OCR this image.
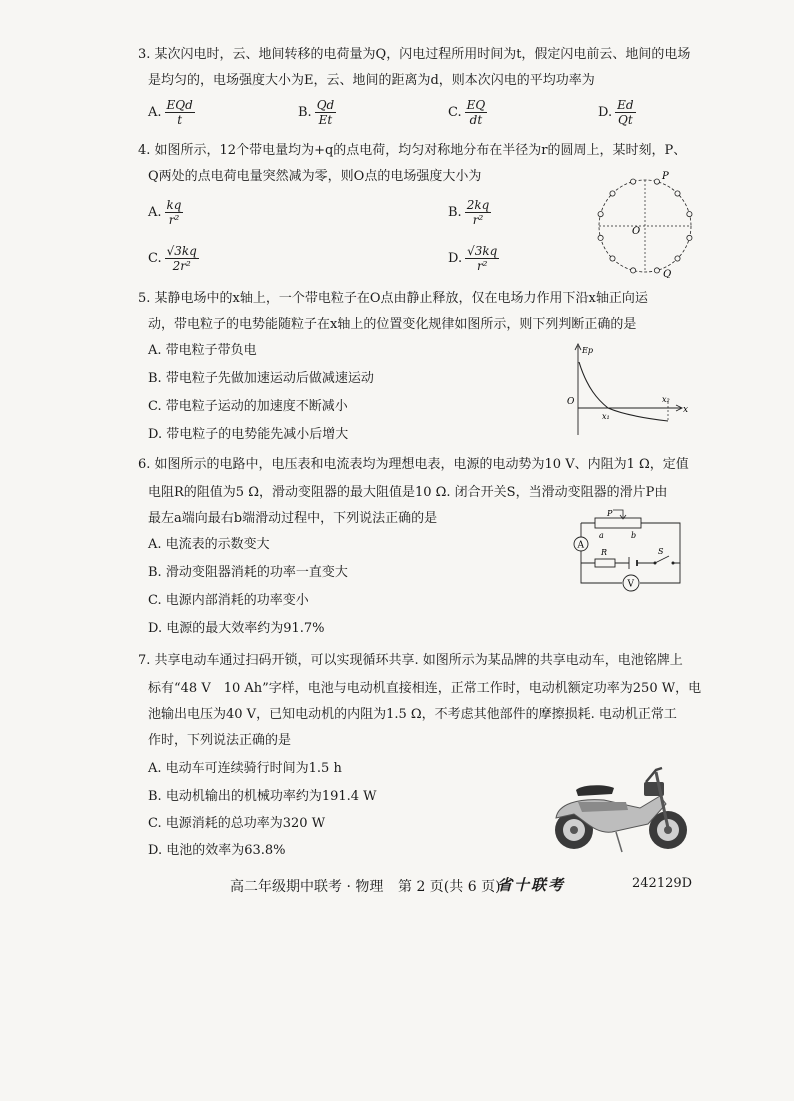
3. 某次闪电时，云、地间转移的电荷量为Q，闪电过程所用时间为t，假定闪电前云、地间的电场
是均匀的，电场强度大小为E，云、地间的距离为d，则本次闪电的平均功率为
A. $\frac{\text{EQd}}{t}$	B. $\frac{Qd}{Et}$	C. $\frac{EQ}{dt}$	D. $\frac{Ed}{Qt}$
4. 如图所示，12个带电量均为+q的点电荷，均匀对称地分布在半径为r的圆周上，某时刻，P、
Q两处的点电荷电量突然减为零，则O点的电场强度大小为
A. $\frac{kq}{\text{r²}}$	B. $\frac{2kq}{\text{r²}}$
C. $\frac{√3kq}{\text{2r²}}$	D. $\frac{√3kq}{\text{r²}}$
P
Q
O
5. 某静电场中的x轴上，一个带电粒子在O点由静止释放，仅在电场力作用下沿x轴正向运
动，带电粒子的电势能随粒子在x轴上的位置变化规律如图所示，则下列判断正确的是
A. 带电粒子带负电
B. 带电粒子先做加速运动后做减速运动
C. 带电粒子运动的加速度不断减小
D. 带电粒子的电势能先减小后增大
Ep
O
x₁
x₂
x
6. 如图所示的电路中，电压表和电流表均为理想电表，电源的电动势为10 V、内阻为1 Ω，定值
电阻R的阻值为5 Ω，滑动变阻器的最大阻值是10 Ω. 闭合开关S，当滑动变阻器的滑片P由
最左a端向最右b端滑动过程中，下列说法正确的是
A. 电流表的示数变大
B. 滑动变阻器消耗的功率一直变大
C. 电源内部消耗的功率变小
D. 电源的最大效率约为91.7%
P
a	b
A
R	S
V
7. 共享电动车通过扫码开锁，可以实现循环共享. 如图所示为某品牌的共享电动车，电池铭牌上
标有“48 V　10 Ah”字样，电池与电动机直接相连，正常工作时，电动机额定功率为250 W，电
池输出电压为40 V，已知电动机的内阻为1.5 Ω，不考虑其他部件的摩擦损耗. 电动机正常工
作时，下列说法正确的是
A. 电动车可连续骑行时间为1.5 h
B. 电动机输出的机械功率约为191.4 W
C. 电源消耗的总功率为320 W
D. 电池的效率为63.8%
高二年级期中联考 · 物理 第 2 页(共 6 页)
省十联考	242129D
